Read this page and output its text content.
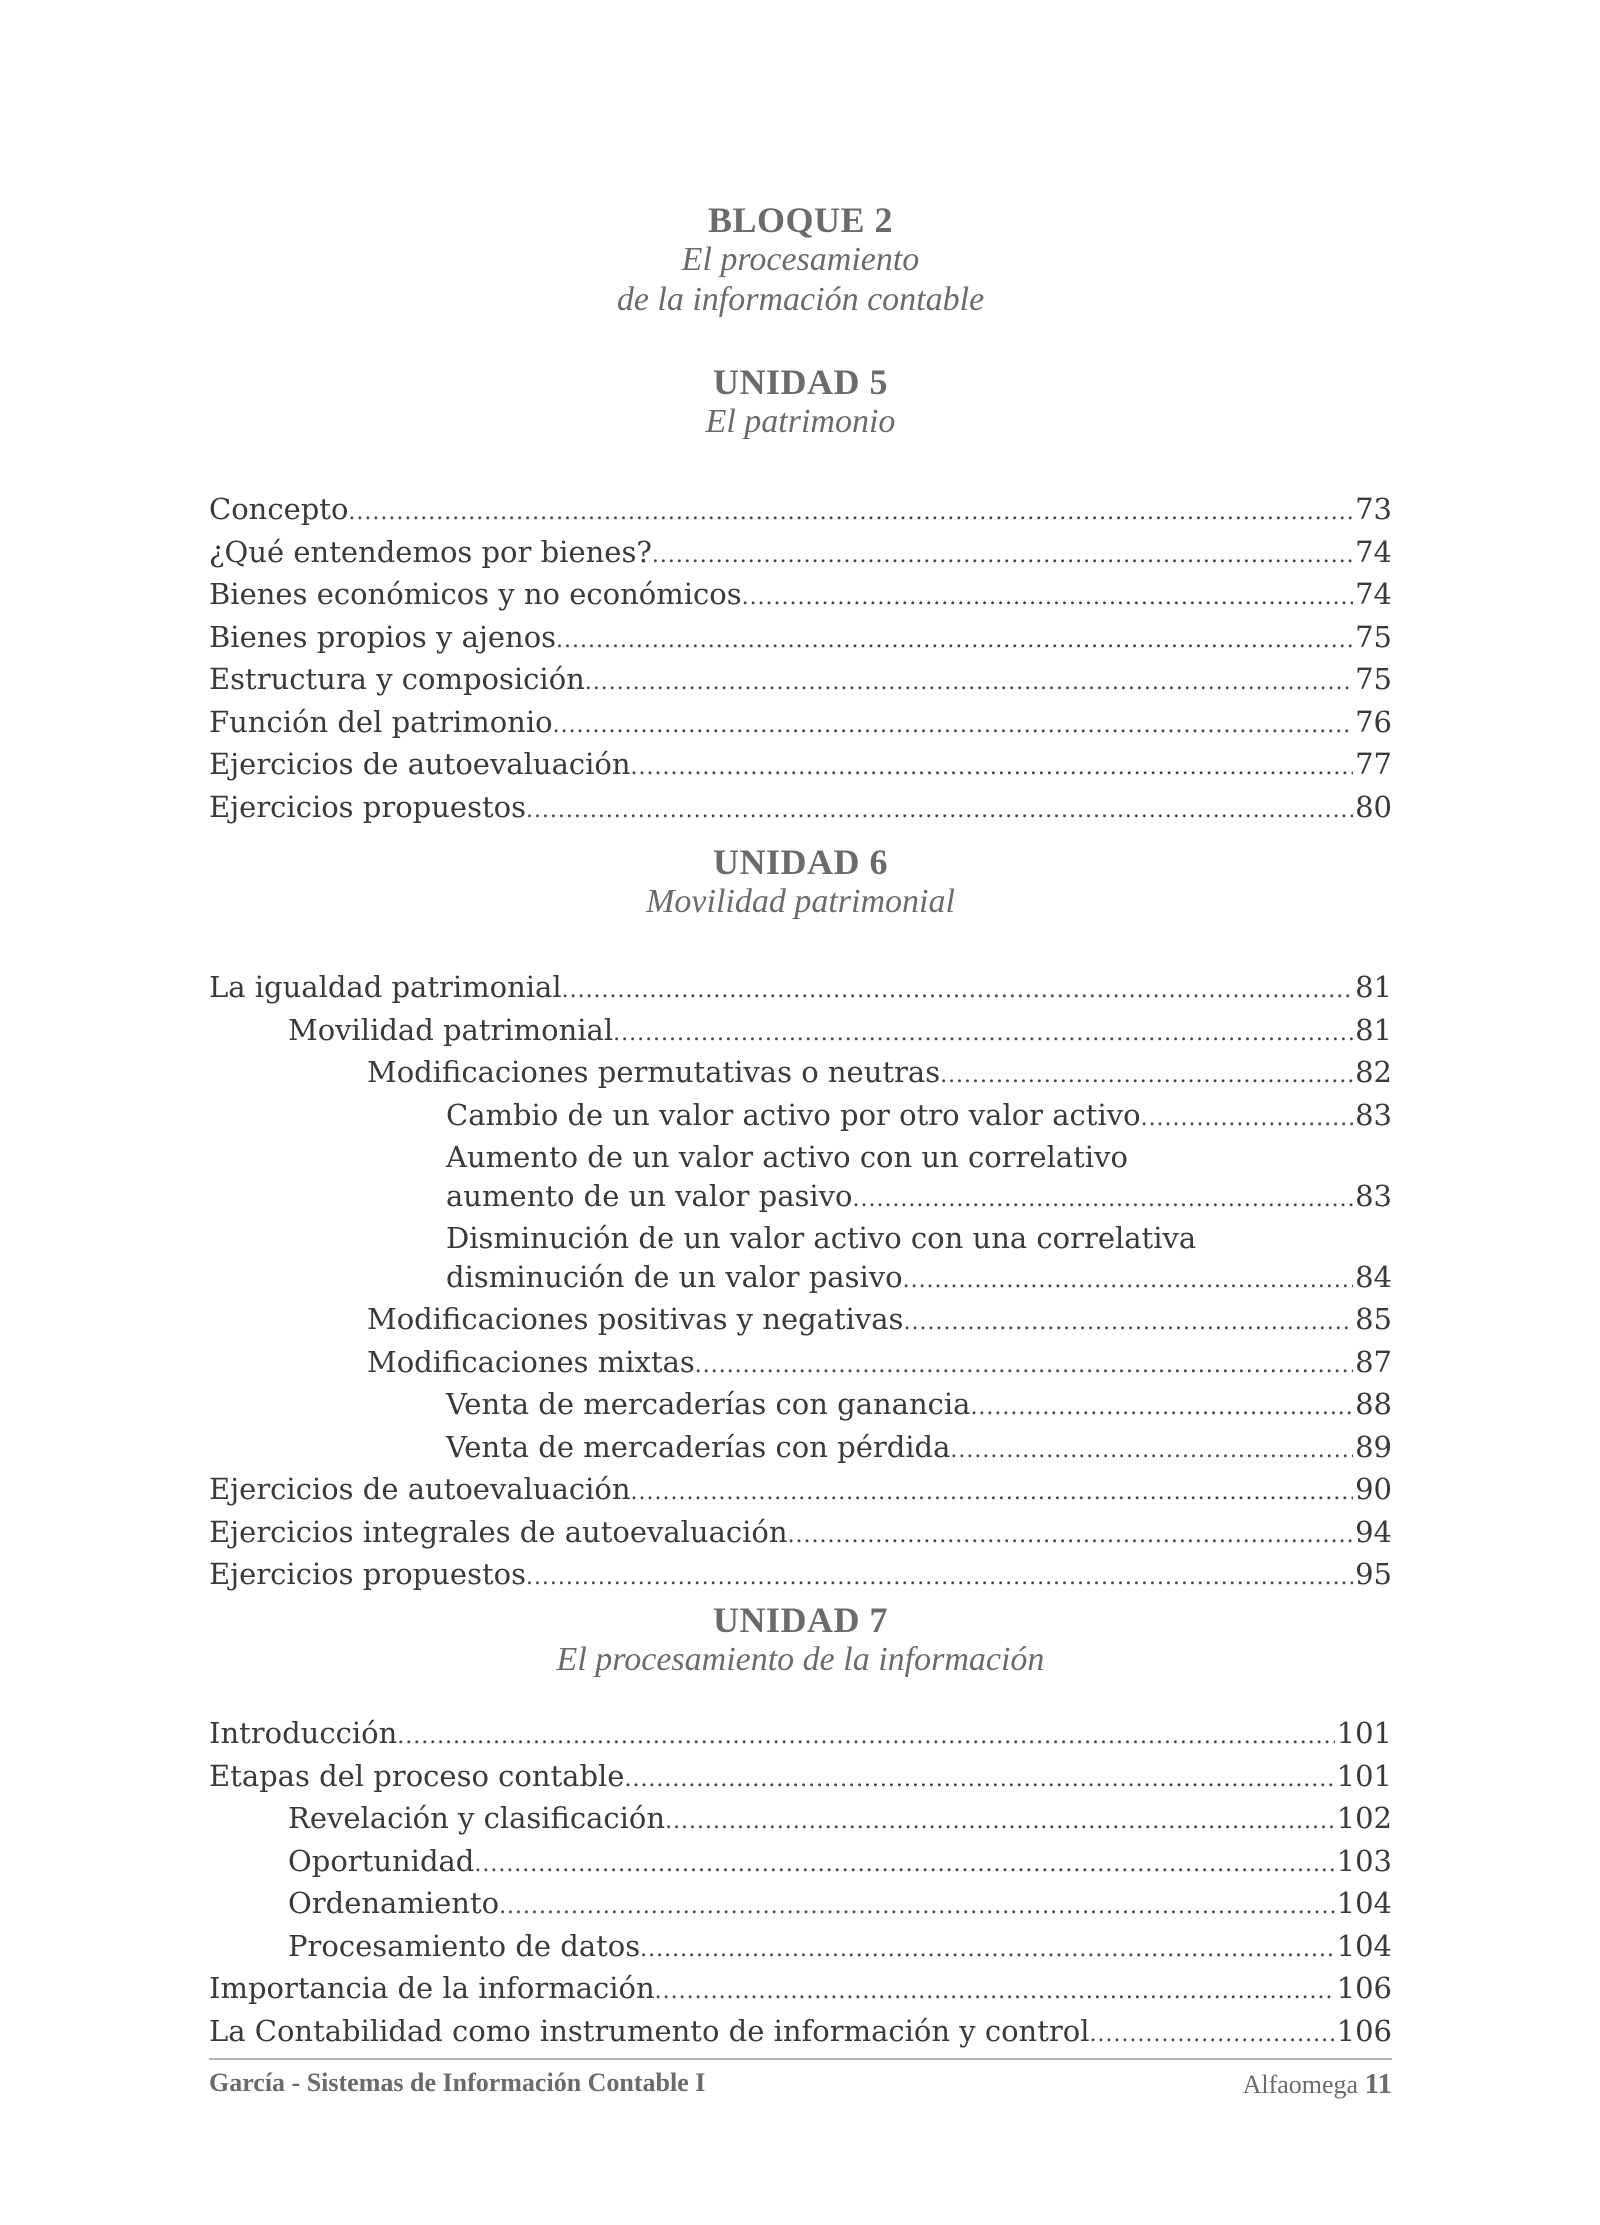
BLOQUE 2
El procesamiento
de la información contable
UNIDAD 5
El patrimonio
Concepto . . .	73
¿Qué entendemos por bienes? . . .	74
Bienes económicos y no económicos . . .	74
Bienes propios y ajenos . . .	75
Estructura y composición . . .	75
Función del patrimonio . . .	76
Ejercicios de autoevaluación . . .	77
Ejercicios propuestos . . .	80
UNIDAD 6
Movilidad patrimonial
La igualdad patrimonial . . .	81
Movilidad patrimonial . . .	81
Modificaciones permutativas o neutras . . .	82
Cambio de un valor activo por otro valor activo . . .	83
Aumento de un valor activo con un correlativo
aumento de un valor pasivo . . .	83
Disminución de un valor activo con una correlativa
disminución de un valor pasivo . . .	84
Modificaciones positivas y negativas . . .	85
Modificaciones mixtas . . .	87
Venta de mercaderías con ganancia . . .	88
Venta de mercaderías con pérdida . . .	89
Ejercicios de autoevaluación . . .	90
Ejercicios integrales de autoevaluación . . .	94
Ejercicios propuestos . . .	95
UNIDAD 7
El procesamiento de la información
Introducción . . .	101
Etapas del proceso contable . . .	101
Revelación y clasificación . . .	102
Oportunidad . . .	103
Ordenamiento . . .	104
Procesamiento de datos . . .	104
Importancia de la información . . .	106
La Contabilidad como instrumento de información y control . . .	106
García - Sistemas de Información Contable I	Alfaomega 11
